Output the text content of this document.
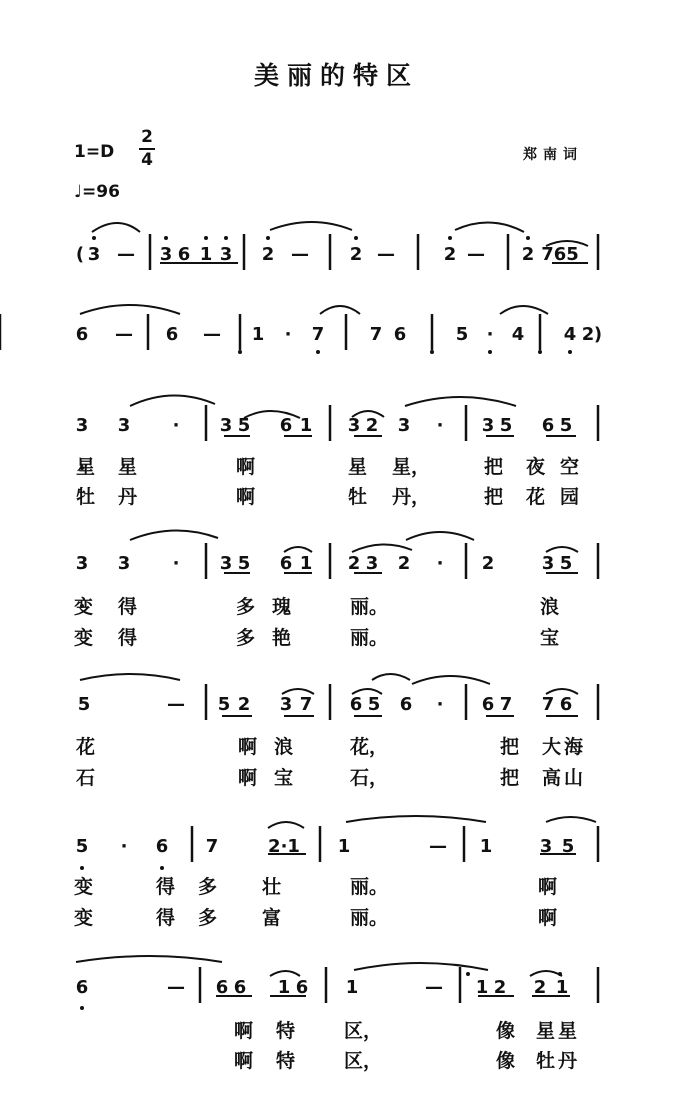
美丽的特区
1=D
2
4	郑南词
♩=96
( 3 — 3 6 1 3 2 — 2 —	2 — 2 765
6 — 6 — 1 · 7	7 6	5 · 4 4 2 )
3 3 · 3 5 6 1 3 2 3 · 3 5 6 5
3 3 · 3 5 6 1 2 3 2 · 2	3 5
5	— 5 2 3 7 6 5 6 · 6 7 7 6
5 · 6 7	2·1 1	— 1	3 5
6	— 6 6 1 6 1	— 1 2 2 1
星 星	啊	星 星，	把 夜 空
牡 丹	啊	牡 丹，	把 花 园
变 得	多 瑰	丽。	浪
变 得	多 艳	丽。	宝
花	啊 浪	花，	把 大 海
石	啊 宝	石，	把 高 山
变	得 多 壮	丽。	啊
变	得 多 富	丽。	啊
啊 特	区，	像 星 星
啊 特	区，	像 牡 丹
